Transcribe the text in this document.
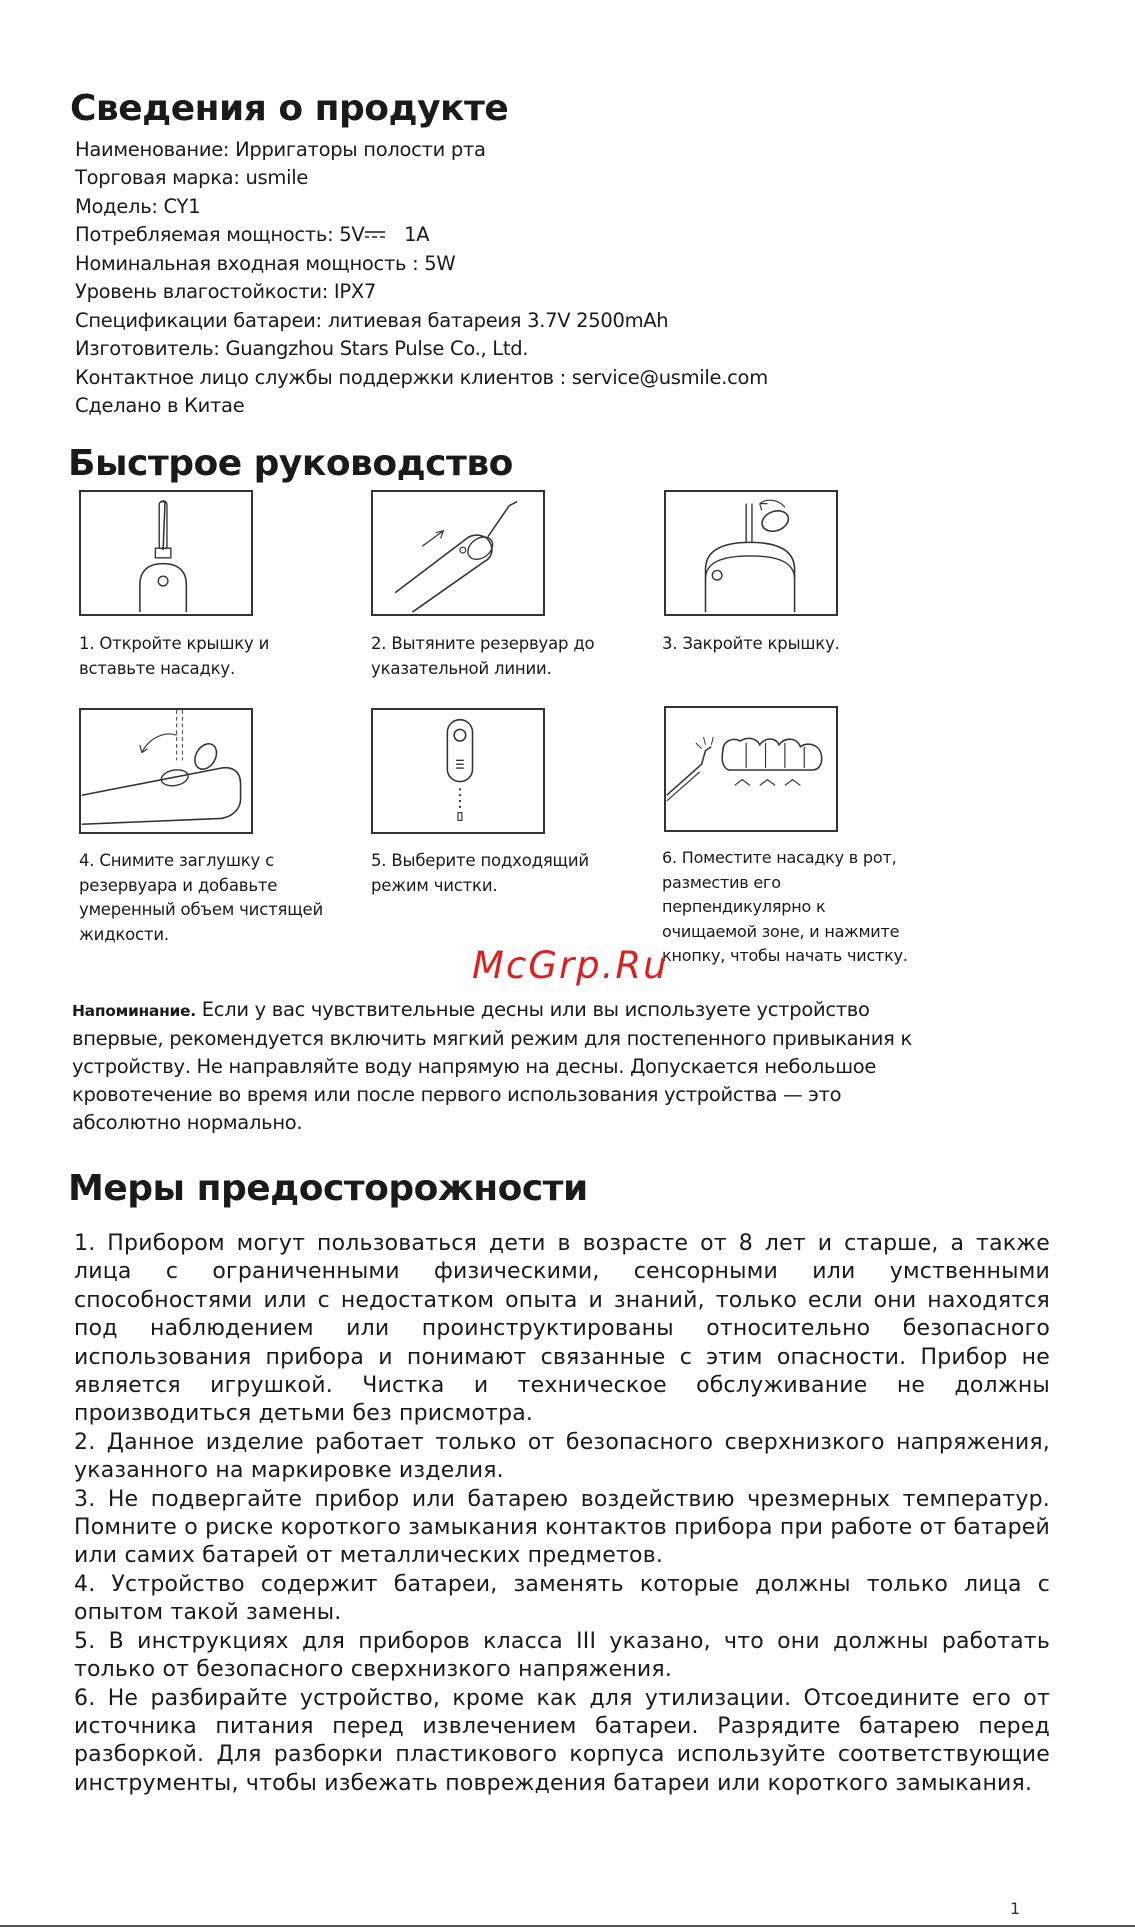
Сведения о продукте
Наименование: Ирригаторы полости рта
Торговая марка: usmile
Модель: CY1
Потребляемая мощность: 5V 1A
Номинальная входная мощность : 5W
Уровень влагостойкости: IPX7
Спецификации батареи: литиевая батареия 3.7V 2500mAh
Изготовитель: Guangzhou Stars Pulse Co., Ltd.
Контактное лицо службы поддержки клиентов : service@usmile.com
Сделано в Китае
Быстрое руководство
1. Откройте крышку и вставьте насадку.
2. Вытяните резервуар до указательной линии.
3. Закройте крышку.
4. Снимите заглушку с резервуара и добавьте умеренный объем чистящей жидкости.
5. Выберите подходящий режим чистки.
6. Поместите насадку в рот, разместив его перпендикулярно к очищаемой зоне, и нажмите кнопку, чтобы начать чистку.
McGrp.Ru
Напоминание. Если у вас чувствительные десны или вы используете устройство впервые, рекомендуется включить мягкий режим для постепенного привыкания к устройству. Не направляйте воду напрямую на десны. Допускается небольшое кровотечение во время или после первого использования устройства — это абсолютно нормально.
Меры предосторожности

1. Прибором могут пользоваться дети в возрасте от 8 лет и старше, а также лица с ограниченными физическими, сенсорными или умственными способностями или с недостатком опыта и знаний, только если они находятся под наблюдением или проинструктированы относительно безопасного использования прибора и понимают связанные с этим опасности. Прибор не является игрушкой. Чистка и техническое обслуживание не должны производиться детьми без присмотра.

2. Данное изделие работает только от безопасного сверхнизкого напряжения, указанного на маркировке изделия.

3. Не подвергайте прибор или батарею воздействию чрезмерных температур. Помните о риске короткого замыкания контактов прибора при работе от батарей или самих батарей от металлических предметов.

4. Устройство содержит батареи, заменять которые должны только лица с опытом такой замены.

5. В инструкциях для приборов класса III указано, что они должны работать только от безопасного сверхнизкого напряжения.

6. Не разбирайте устройство, кроме как для утилизации. Отсоедините его от источника питания перед извлечением батареи. Разрядите батарею перед разборкой. Для разборки пластикового корпуса используйте соответствующие инструменты, чтобы избежать повреждения батареи или короткого замыкания.

1
